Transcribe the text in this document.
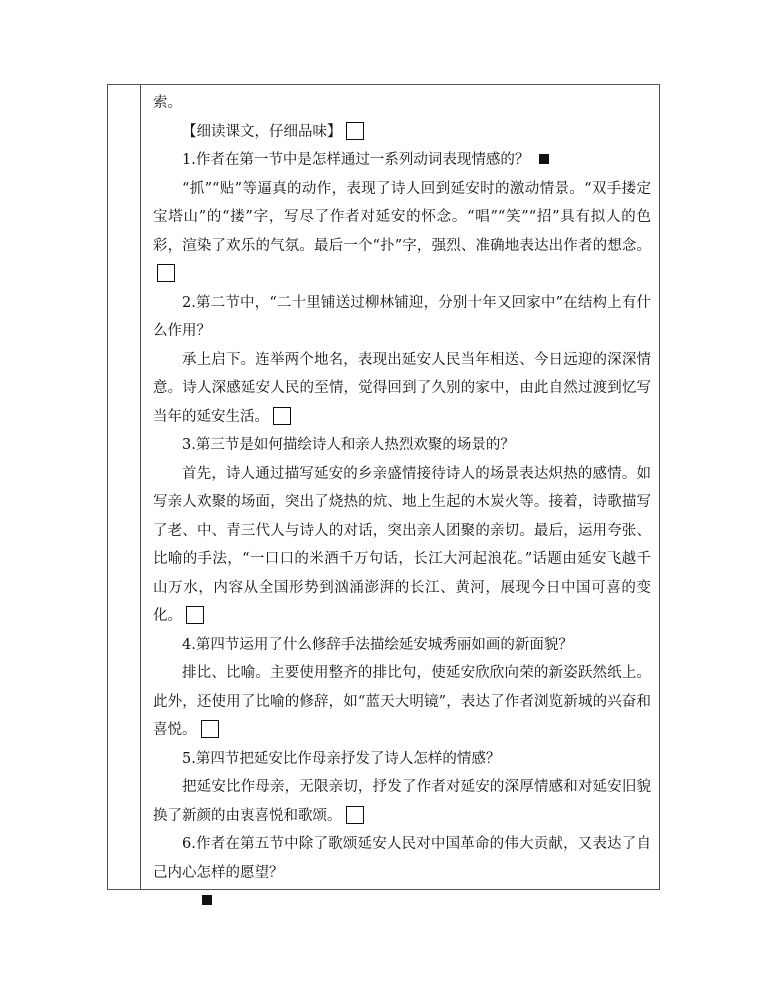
索。

【细读课文，仔细品味】

1.作者在第一节中是怎样通过一系列动词表现情感的？

“抓”“贴”等逼真的动作，表现了诗人回到延安时的激动情景。“双手搂定宝塔山”的“搂”字，写尽了作者对延安的怀念。“唱”“笑”“招”具有拟人的色彩，渲染了欢乐的气氛。最后一个“扑”字，强烈、准确地表达出作者的想念。

2.第二节中，“二十里铺送过柳林铺迎，分别十年又回家中”在结构上有什么作用？

承上启下。连举两个地名，表现出延安人民当年相送、今日远迎的深深情意。诗人深感延安人民的至情，觉得回到了久别的家中，由此自然过渡到忆写当年的延安生活。

3.第三节是如何描绘诗人和亲人热烈欢聚的场景的？

首先，诗人通过描写延安的乡亲盛情接待诗人的场景表达炽热的感情。如写亲人欢聚的场面，突出了烧热的炕、地上生起的木炭火等。接着，诗歌描写了老、中、青三代人与诗人的对话，突出亲人团聚的亲切。最后，运用夸张、比喻的手法，“一口口的米酒千万句话，长江大河起浪花。”话题由延安飞越千山万水，内容从全国形势到汹涌澎湃的长江、黄河，展现今日中国可喜的变化。

4.第四节运用了什么修辞手法描绘延安城秀丽如画的新面貌？

排比、比喻。主要使用整齐的排比句，使延安欣欣向荣的新姿跃然纸上。此外，还使用了比喻的修辞，如“蓝天大明镜”，表达了作者浏览新城的兴奋和喜悦。

5.第四节把延安比作母亲抒发了诗人怎样的情感？

把延安比作母亲，无限亲切，抒发了作者对延安的深厚情感和对延安旧貌换了新颜的由衷喜悦和歌颂。

6.作者在第五节中除了歌颂延安人民对中国革命的伟大贡献，又表达了自己内心怎样的愿望？
